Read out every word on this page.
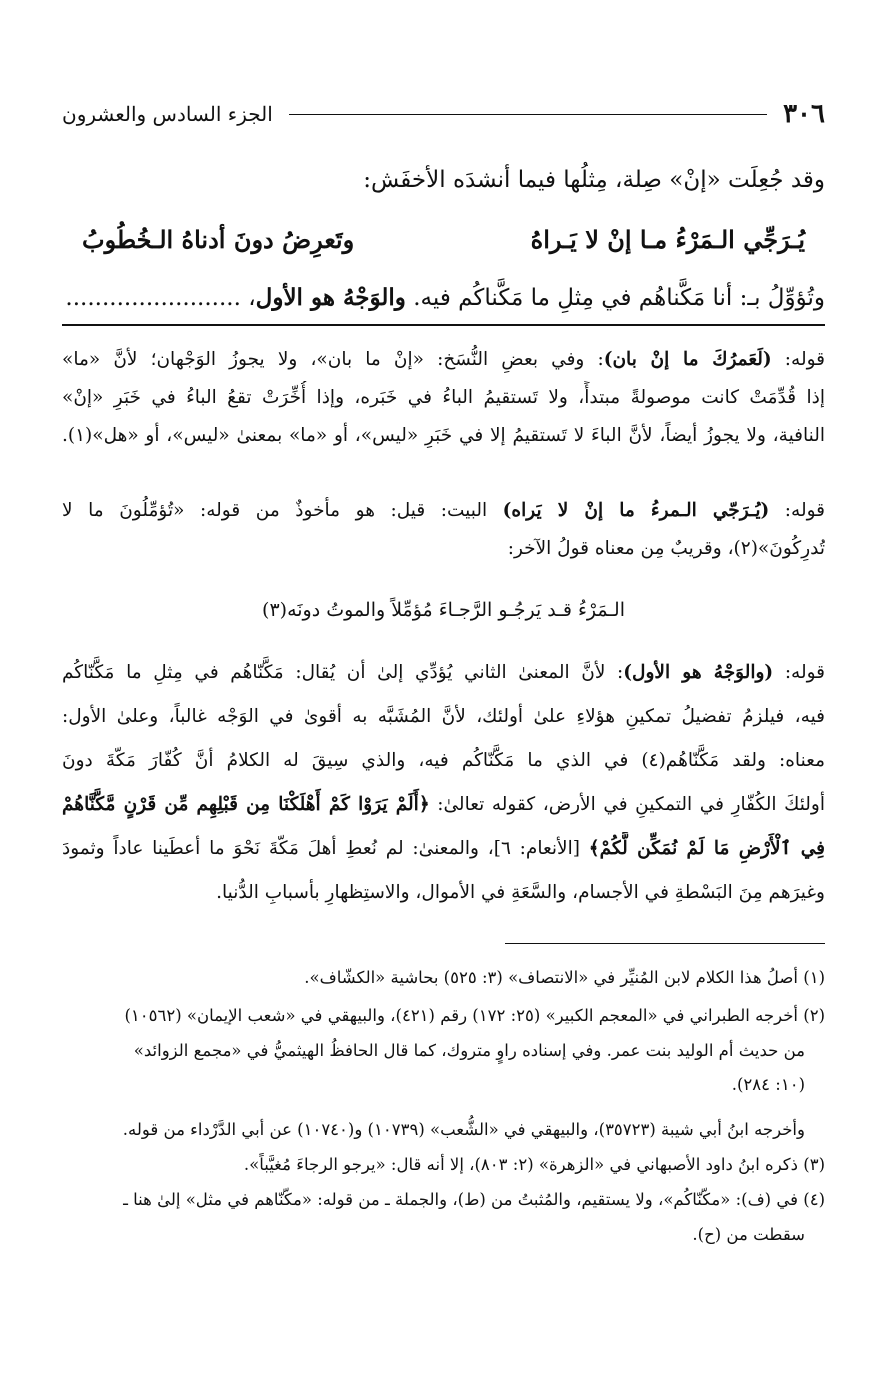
٣٠٦
الجزء السادس والعشرون
وقد جُعِلَت «إنْ» صِلة، مِثلُها فيما أنشدَه الأخفَش:
يُـرَجِّي الـمَرْءُ مـا إنْ لا يَـراهُ
وتَعرِضُ دونَ أدناهُ الـخُطُوبُ
وتُؤوِّلُ بـ: أنا مَكَّناهُم في مِثلِ ما مَكَّناكُم فيه. والوَجْهُ هو الأول، ........................
قوله: (لَعَمرُكَ ما إنْ بان): وفي بعضِ النُّسَخ: «إنْ ما بان»، ولا يجوزُ الوَجْهان؛ لأنَّ «ما»
إذا قُدِّمَتْ كانت موصولةً مبتدأً، ولا تَستقيمُ الباءُ في خَبَره، وإذا أُخِّرَتْ تقعُ الباءُ في خَبَرِ «إنْ»
النافية، ولا يجوزُ أيضاً، لأنَّ الباءَ لا تَستقيمُ إلا في خَبَرِ «ليس»، أو «ما» بمعنىٰ «ليس»، أو «هل»(١).
قوله: (يُـرَجّي الـمرءُ ما إنْ لا يَراه) البيت: قيل: هو مأخوذٌ من قوله: «تُؤمِّلُونَ ما لا
تُدرِكُونَ»(٢)، وقريبٌ مِن معناه قولُ الآخر:
الـمَرْءُ قـد يَرجُـو الرَّجـا
ءَ مُؤمِّلاً والموتُ دونَه(٣)
قوله: (والوَجْهُ هو الأول): لأنَّ المعنىٰ الثاني يُؤدِّي إلىٰ أن يُقال: مَكَّنّاهُم في مِثلِ ما مَكَّنّاكُم
فيه، فيلزمُ تفضيلُ تمكينِ هؤلاءِ علىٰ أولئك، لأنَّ المُشَبَّه به أقوىٰ في الوَجْه غالباً، وعلىٰ الأول:
معناه: ولقد مَكَّنّاهُم(٤) في الذي ما مَكَّنّاكُم فيه، والذي سِيقَ له الكلامُ أنَّ كُفّارَ مَكّةَ دونَ
أولئكَ الكُفّارِ في التمكينِ في الأرض، كقوله تعالىٰ: ﴿أَلَمْ يَرَوْا كَمْ أَهْلَكْنَا مِن قَبْلِهِم مِّن قَرْنٍ مَّكَّنَّاهُمْ
فِي ٱلْأَرْضِ مَا لَمْ نُمَكِّن لَّكُمْ﴾ [الأنعام: ٦]، والمعنىٰ: لم نُعطِ أهلَ مَكّةَ نَحْوَ ما أعطَينا عاداً وثمودَ
وغيرَهم مِنَ البَسْطةِ في الأجسام، والسَّعَةِ في الأموال، والاستِظهارِ بأسبابِ الدُّنيا.
(١) أصلُ هذا الكلام لابن المُنيِّر في «الانتصاف» (٣: ٥٢٥) بحاشية «الكشّاف».
(٢) أخرجه الطبراني في «المعجم الكبير» (٢٥: ١٧٢) رقم (٤٢١)، والبيهقي في «شعب الإيمان» (١٠٥٦٢)
من حديث أم الوليد بنت عمر. وفي إسناده راوٍ متروك، كما قال الحافظُ الهيثميُّ في «مجمع الزوائد»
(١٠: ٢٨٤).
وأخرجه ابنُ أبي شيبة (٣٥٧٢٣)، والبيهقي في «الشُّعب» (١٠٧٣٩) و(١٠٧٤٠) عن أبي الدَّرْداء من قوله.
(٣) ذكره ابنُ داود الأصبهاني في «الزهرة» (٢: ٨٠٣)، إلا أنه قال: «يرجو الرجاءَ مُغيَّباً».
(٤) في (ف): «مكّنّاكُم»، ولا يستقيم، والمُثبتُ من (ط)، والجملة ـ من قوله: «مكّنّاهم في مثل» إلىٰ هنا ـ
سقطت من (ح).
